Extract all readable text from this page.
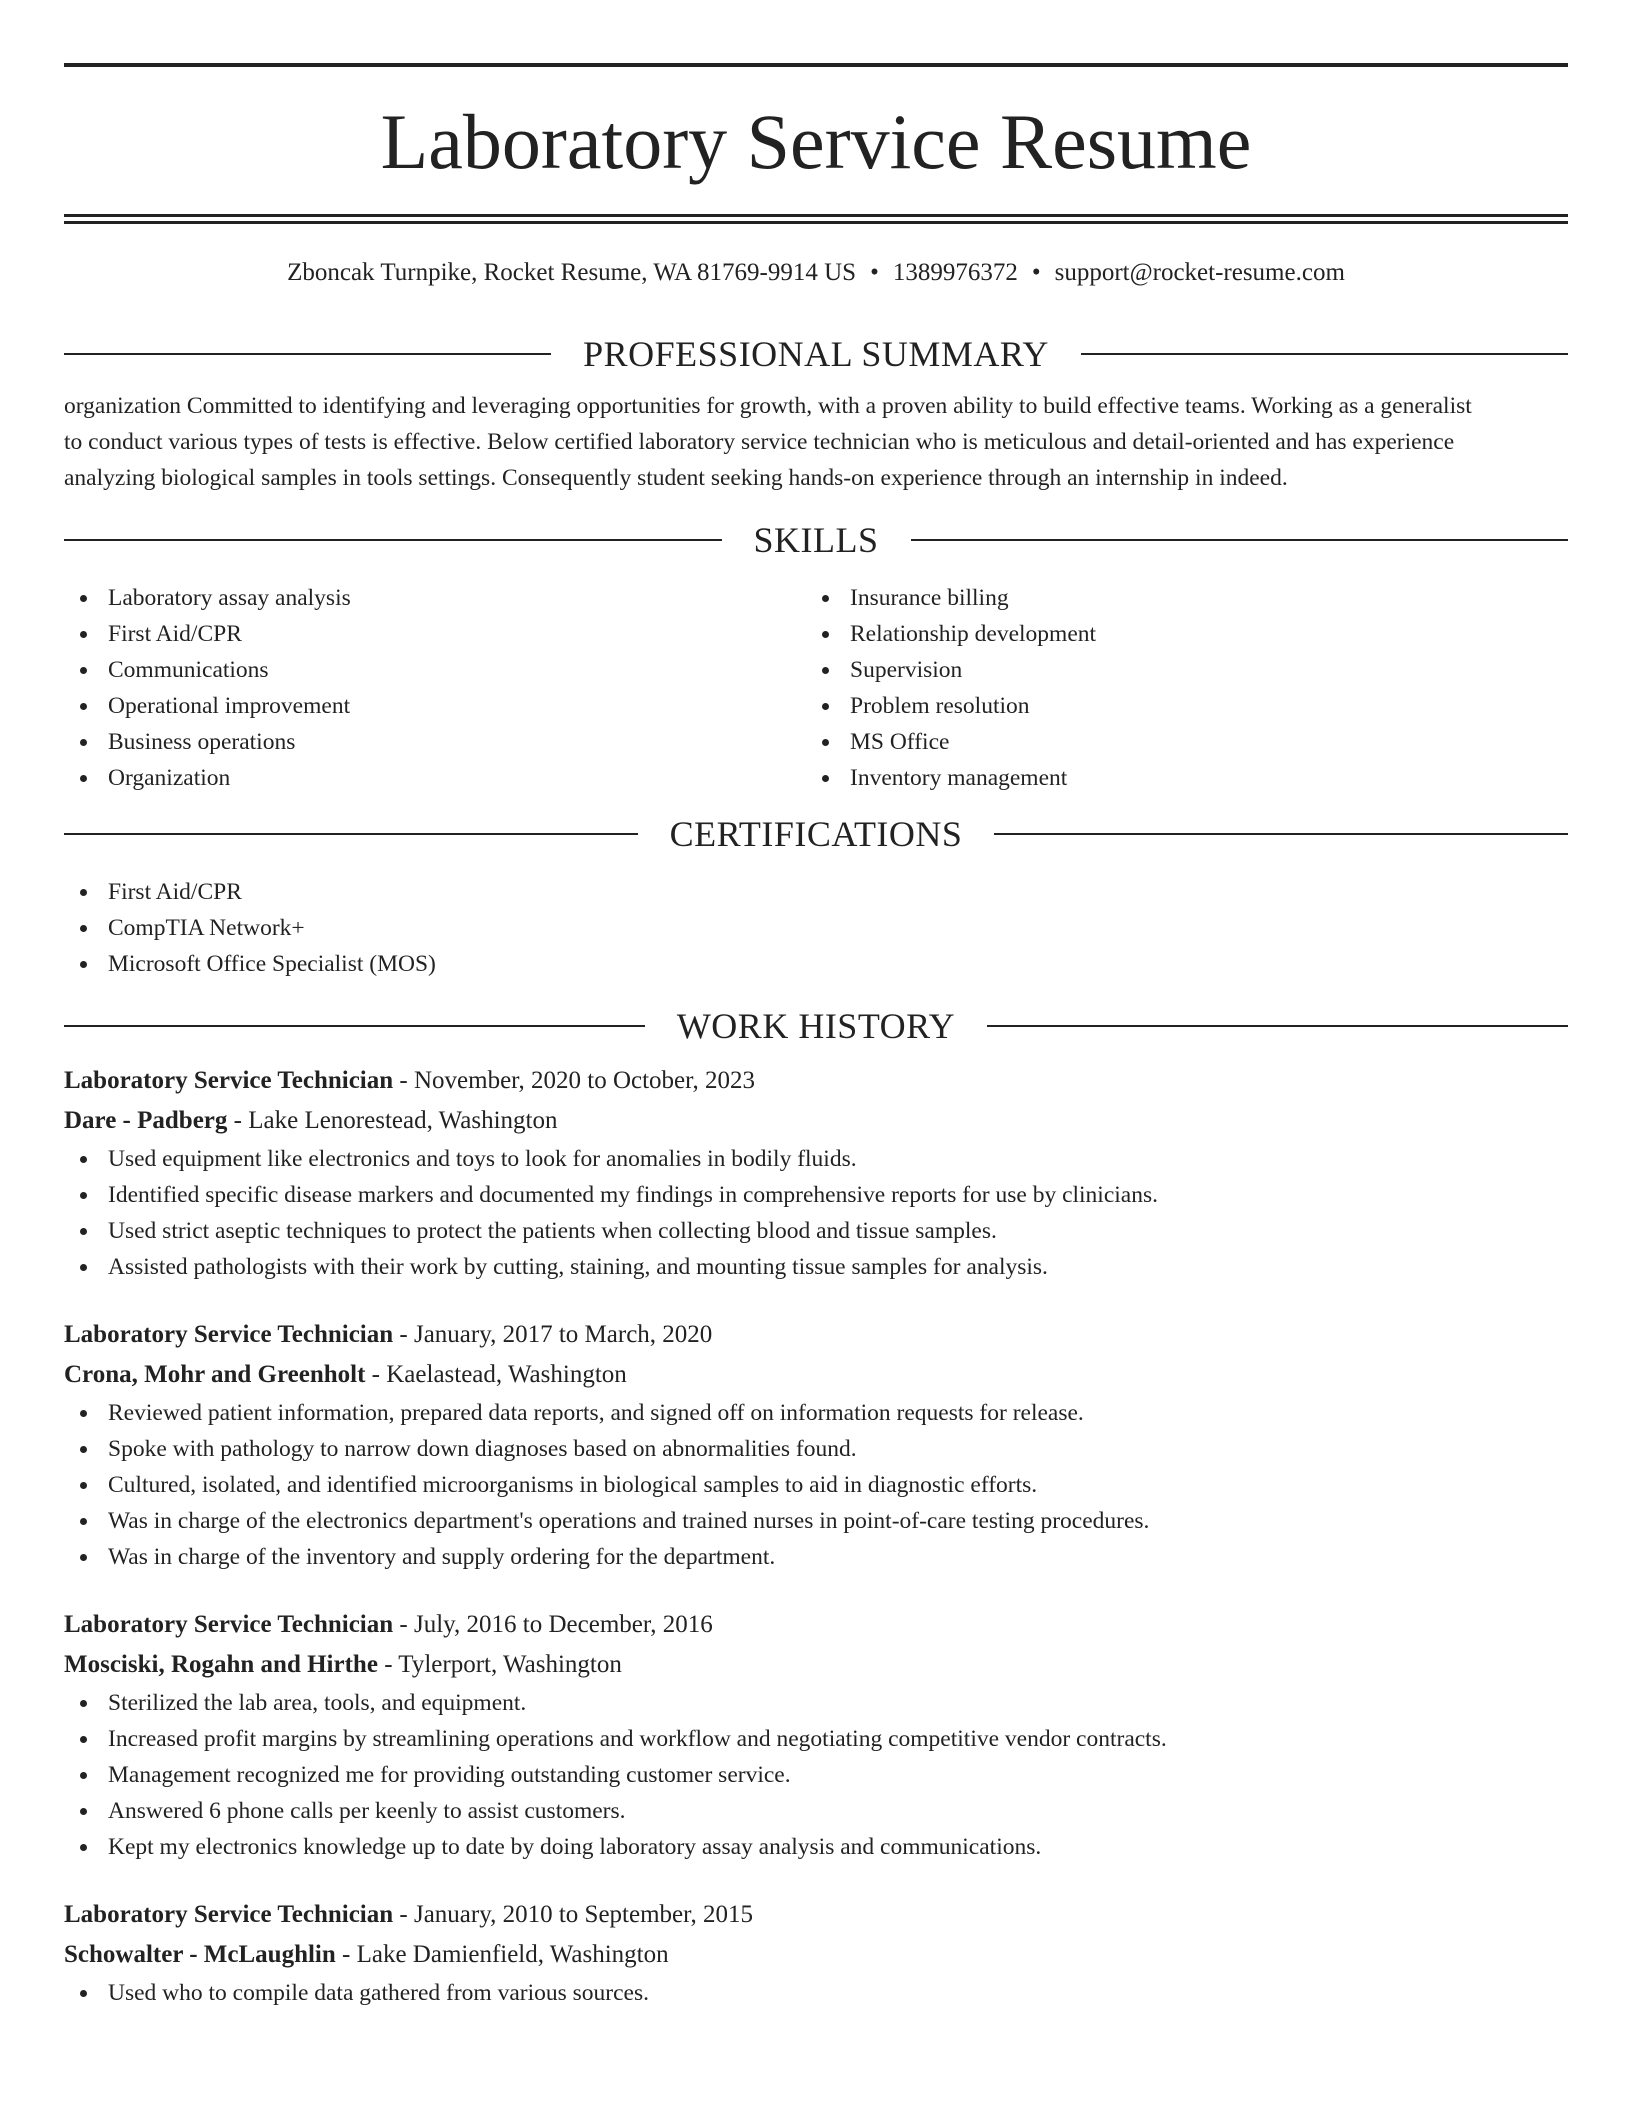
Laboratory Service Resume
Zboncak Turnpike, Rocket Resume, WA 81769-9914 US • 1389976372 • support@rocket-resume.com
PROFESSIONAL SUMMARY
organization Committed to identifying and leveraging opportunities for growth, with a proven ability to build effective teams. Working as a generalist
to conduct various types of tests is effective. Below certified laboratory service technician who is meticulous and detail-oriented and has experience
analyzing biological samples in tools settings. Consequently student seeking hands-on experience through an internship in indeed.
SKILLS
Laboratory assay analysis
First Aid/CPR
Communications
Operational improvement
Business operations
Organization
Insurance billing
Relationship development
Supervision
Problem resolution
MS Office
Inventory management
CERTIFICATIONS
First Aid/CPR
CompTIA Network+
Microsoft Office Specialist (MOS)
WORK HISTORY
Laboratory Service Technician - November, 2020 to October, 2023
Dare - Padberg - Lake Lenorestead, Washington
Used equipment like electronics and toys to look for anomalies in bodily fluids.
Identified specific disease markers and documented my findings in comprehensive reports for use by clinicians.
Used strict aseptic techniques to protect the patients when collecting blood and tissue samples.
Assisted pathologists with their work by cutting, staining, and mounting tissue samples for analysis.
Laboratory Service Technician - January, 2017 to March, 2020
Crona, Mohr and Greenholt - Kaelastead, Washington
Reviewed patient information, prepared data reports, and signed off on information requests for release.
Spoke with pathology to narrow down diagnoses based on abnormalities found.
Cultured, isolated, and identified microorganisms in biological samples to aid in diagnostic efforts.
Was in charge of the electronics department's operations and trained nurses in point-of-care testing procedures.
Was in charge of the inventory and supply ordering for the department.
Laboratory Service Technician - July, 2016 to December, 2016
Mosciski, Rogahn and Hirthe - Tylerport, Washington
Sterilized the lab area, tools, and equipment.
Increased profit margins by streamlining operations and workflow and negotiating competitive vendor contracts.
Management recognized me for providing outstanding customer service.
Answered 6 phone calls per keenly to assist customers.
Kept my electronics knowledge up to date by doing laboratory assay analysis and communications.
Laboratory Service Technician - January, 2010 to September, 2015
Schowalter - McLaughlin - Lake Damienfield, Washington
Used who to compile data gathered from various sources.
